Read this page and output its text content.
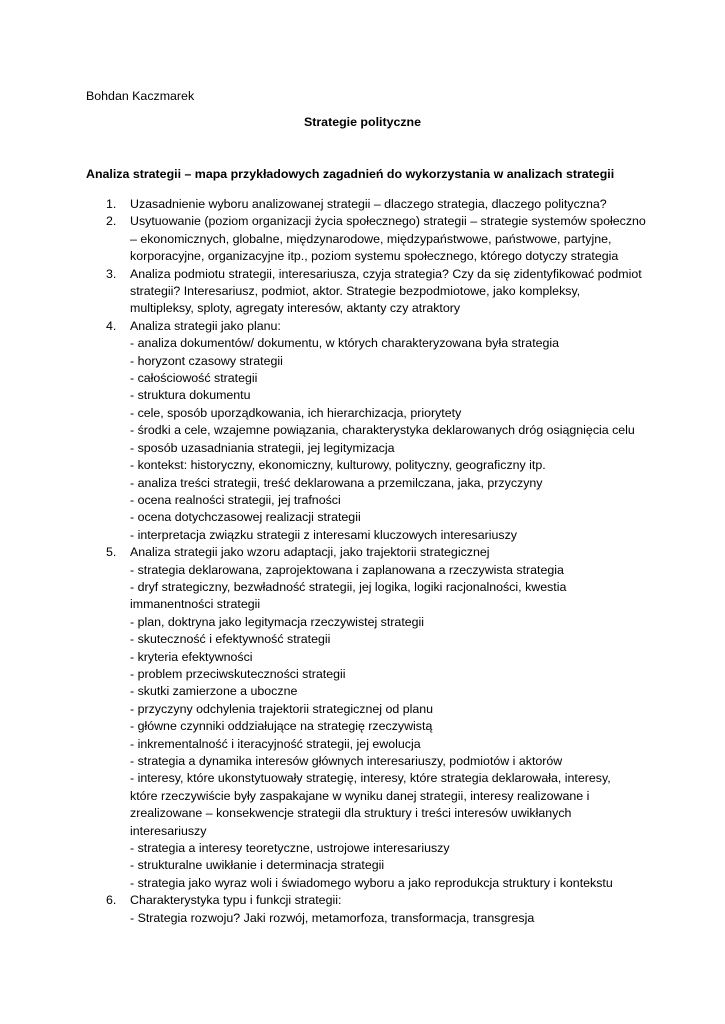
Bohdan Kaczmarek
Strategie polityczne
Analiza strategii – mapa przykładowych zagadnień do wykorzystania w analizach strategii
1. Uzasadnienie wyboru analizowanej strategii – dlaczego strategia, dlaczego polityczna?
2. Usytuowanie (poziom organizacji życia społecznego) strategii – strategie systemów społeczno
– ekonomicznych, globalne, międzynarodowe, międzypaństwowe, państwowe, partyjne,
korporacyjne, organizacyjne itp., poziom systemu społecznego, którego dotyczy strategia
3. Analiza podmiotu strategii, interesariusza, czyja strategia? Czy da się zidentyfikować podmiot
strategii? Interesariusz, podmiot, aktor. Strategie bezpodmiotowe, jako kompleksy,
multipleksy, sploty, agregaty interesów, aktanty czy atraktory
4. Analiza strategii jako planu:
- analiza dokumentów/ dokumentu, w których charakteryzowana była strategia
- horyzont czasowy strategii
- całościowość strategii
- struktura dokumentu
- cele, sposób uporządkowania, ich hierarchizacja, priorytety
- środki a cele, wzajemne powiązania, charakterystyka deklarowanych dróg osiągnięcia celu
- sposób uzasadniania strategii, jej legitymizacja
- kontekst: historyczny, ekonomiczny, kulturowy, polityczny, geograficzny itp.
- analiza treści strategii, treść deklarowana a przemilczana, jaka, przyczyny
- ocena realności strategii, jej trafności
- ocena dotychczasowej realizacji strategii
- interpretacja związku strategii z interesami kluczowych interesariuszy
5. Analiza strategii jako wzoru adaptacji, jako trajektorii strategicznej
- strategia deklarowana, zaprojektowana i zaplanowana a rzeczywista strategia
- dryf strategiczny, bezwładność strategii, jej logika, logiki racjonalności, kwestia
immanentności strategii
- plan, doktryna jako legitymacja rzeczywistej strategii
- skuteczność i efektywność strategii
- kryteria efektywności
- problem przeciwskuteczności strategii
- skutki zamierzone a uboczne
- przyczyny odchylenia trajektorii strategicznej od planu
- główne czynniki oddziałujące na strategię rzeczywistą
- inkrementalność i iteracyjność strategii, jej ewolucja
- strategia a dynamika interesów głównych interesariuszy, podmiotów i aktorów
- interesy, które ukonstytuowały strategię, interesy, które strategia deklarowała, interesy,
które rzeczywiście były zaspakajane w wyniku danej strategii, interesy realizowane i
zrealizowane – konsekwencje strategii dla struktury i treści interesów uwikłanych
interesariuszy
- strategia a interesy teoretyczne, ustrojowe interesariuszy
- strukturalne uwikłanie i determinacja strategii
- strategia jako wyraz woli i świadomego wyboru a jako reprodukcja struktury i kontekstu
6. Charakterystyka typu i funkcji strategii:
- Strategia rozwoju? Jaki rozwój, metamorfoza, transformacja, transgresja
